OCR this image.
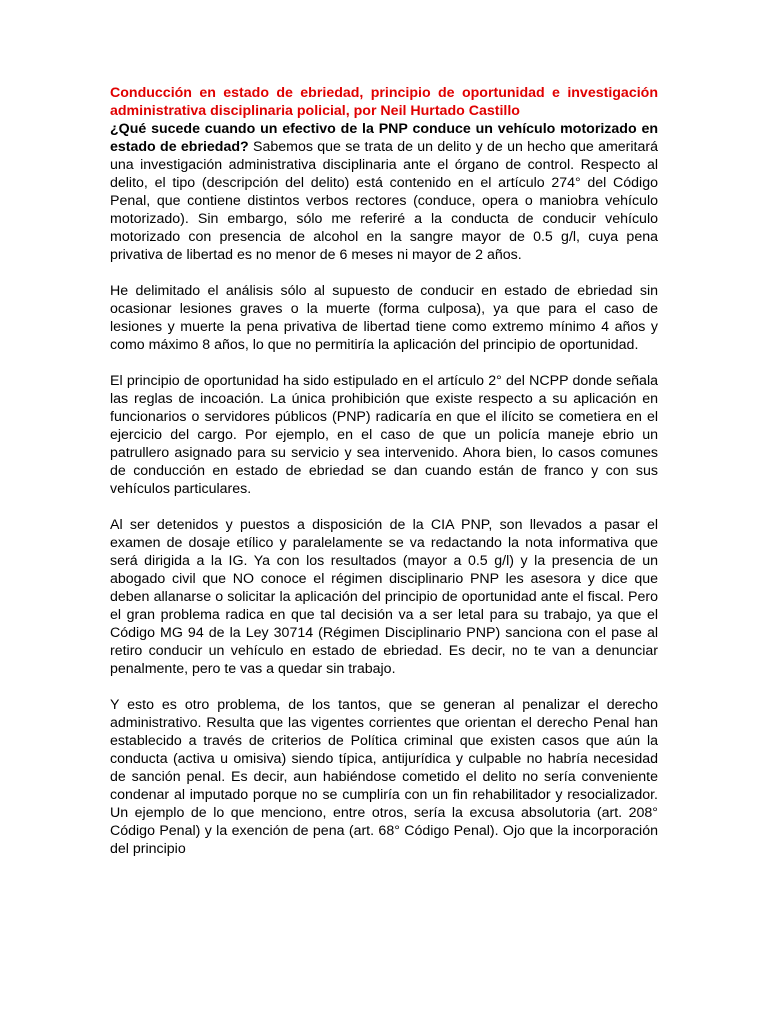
Conducción en estado de ebriedad, principio de oportunidad e investigación administrativa disciplinaria policial, por Neil Hurtado Castillo

¿Qué sucede cuando un efectivo de la PNP conduce un vehículo motorizado en estado de ebriedad? Sabemos que se trata de un delito y de un hecho que ameritará una investigación administrativa disciplinaria ante el órgano de control. Respecto al delito, el tipo (descripción del delito) está contenido en el artículo 274° del Código Penal, que contiene distintos verbos rectores (conduce, opera o maniobra vehículo motorizado). Sin embargo, sólo me referiré a la conducta de conducir vehículo motorizado con presencia de alcohol en la sangre mayor de 0.5 g/l, cuya pena privativa de libertad es no menor de 6 meses ni mayor de 2 años.

He delimitado el análisis sólo al supuesto de conducir en estado de ebriedad sin ocasionar lesiones graves o la muerte (forma culposa), ya que para el caso de lesiones y muerte la pena privativa de libertad tiene como extremo mínimo 4 años y como máximo 8 años, lo que no permitiría la aplicación del principio de oportunidad.

El principio de oportunidad ha sido estipulado en el artículo 2° del NCPP donde señala las reglas de incoación. La única prohibición que existe respecto a su aplicación en funcionarios o servidores públicos (PNP) radicaría en que el ilícito se cometiera en el ejercicio del cargo. Por ejemplo, en el caso de que un policía maneje ebrio un patrullero asignado para su servicio y sea intervenido. Ahora bien, lo casos comunes de conducción en estado de ebriedad se dan cuando están de franco y con sus vehículos particulares.

Al ser detenidos y puestos a disposición de la CIA PNP, son llevados a pasar el examen de dosaje etílico y paralelamente se va redactando la nota informativa que será dirigida a la IG. Ya con los resultados (mayor a 0.5 g/l) y la presencia de un abogado civil que NO conoce el régimen disciplinario PNP les asesora y dice que deben allanarse o solicitar la aplicación del principio de oportunidad ante el fiscal. Pero el gran problema radica en que tal decisión va a ser letal para su trabajo, ya que el Código MG 94 de la Ley 30714 (Régimen Disciplinario PNP) sanciona con el pase al retiro conducir un vehículo en estado de ebriedad. Es decir, no te van a denunciar penalmente, pero te vas a quedar sin trabajo.

Y esto es otro problema, de los tantos, que se generan al penalizar el derecho administrativo. Resulta que las vigentes corrientes que orientan el derecho Penal han establecido a través de criterios de Política criminal que existen casos que aún la conducta (activa u omisiva) siendo típica, antijurídica y culpable no habría necesidad de sanción penal. Es decir, aun habiéndose cometido el delito no sería conveniente condenar al imputado porque no se cumpliría con un fin rehabilitador y resocializador. Un ejemplo de lo que menciono, entre otros, sería la excusa absolutoria (art. 208° Código Penal) y la exención de pena (art. 68° Código Penal). Ojo que la incorporación del principio
